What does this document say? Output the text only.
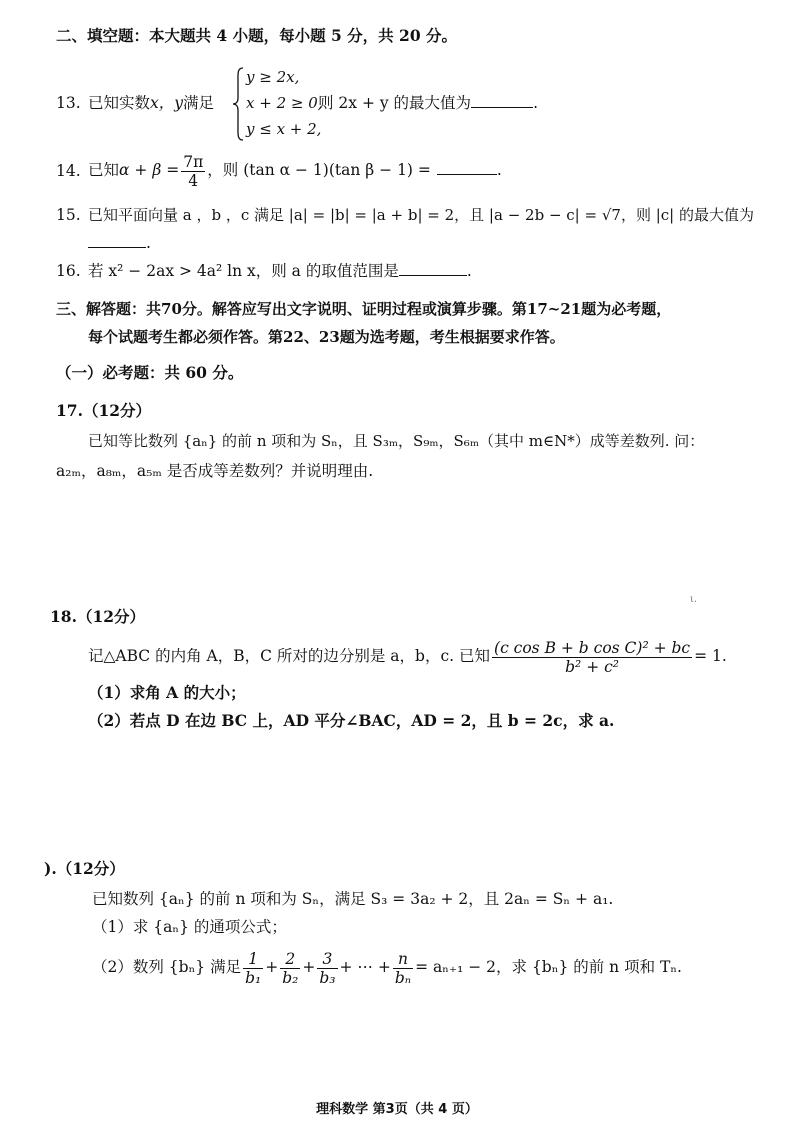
二、填空题：本大题共 4 小题，每小题 5 分，共 20 分。
13. 已知实数x，y满足
y ≥ 2x,
x + 2 ≥ 0,
y ≤ x + 2,
则 2x + y 的最大值为	.
14. 已知$\alpha + \beta = \frac{7\pi}{4}$ ，则 (tan α − 1)(tan β − 1) =	.
15. 已知平面向量 a ，b ，c 满足 |a| = |b| = |a + b| = 2，且 |a − 2b − c| = √7，则 |c| 的最大值为
.
16. 若 x² − 2ax > 4a² ln x，则 a 的取值范围是	.
三、解答题：共70分。解答应写出文字说明、证明过程或演算步骤。第17~21题为必考题，
每个试题考生都必须作答。第22、23题为选考题，考生根据要求作答。
（一）必考题：共 60 分。
17.（12分）
已知等比数列 {aₙ} 的前 n 项和为 Sₙ，且 S₃ₘ，S₉ₘ，S₆ₘ（其中 m∈N*）成等差数列. 问：
a₂ₘ，a₈ₘ，a₅ₘ 是否成等差数列？并说明理由.
ι.
18.（12分）
记△ABC 的内角 A，B，C 所对的边分别是 a，b，c. 已知 $\frac{\text{(c cos B + b cos C)² + bc}}{\text{b² + c²}} = 1$.
（1）求角 A 的大小；
（2）若点 D 在边 BC 上，AD 平分∠BAC，AD = 2，且 b = 2c，求 a.
).（12分）
已知数列 {aₙ} 的前 n 项和为 Sₙ，满足 S₃ = 3a₂ + 2，且 2aₙ = Sₙ + a₁.
（1）求 {aₙ} 的通项公式；
（2）数列 {bₙ} 满足 $\frac{1}{\text{b₁}} + \frac{2}{\text{b₂}} + \frac{3}{\text{b₃}}$ + ⋯ + $\frac{n}{\text{bₙ}} = a_{n+1} - 2$，求 {bₙ} 的前 n 项和 Tₙ.
理科数学 第3页（共 4 页）
